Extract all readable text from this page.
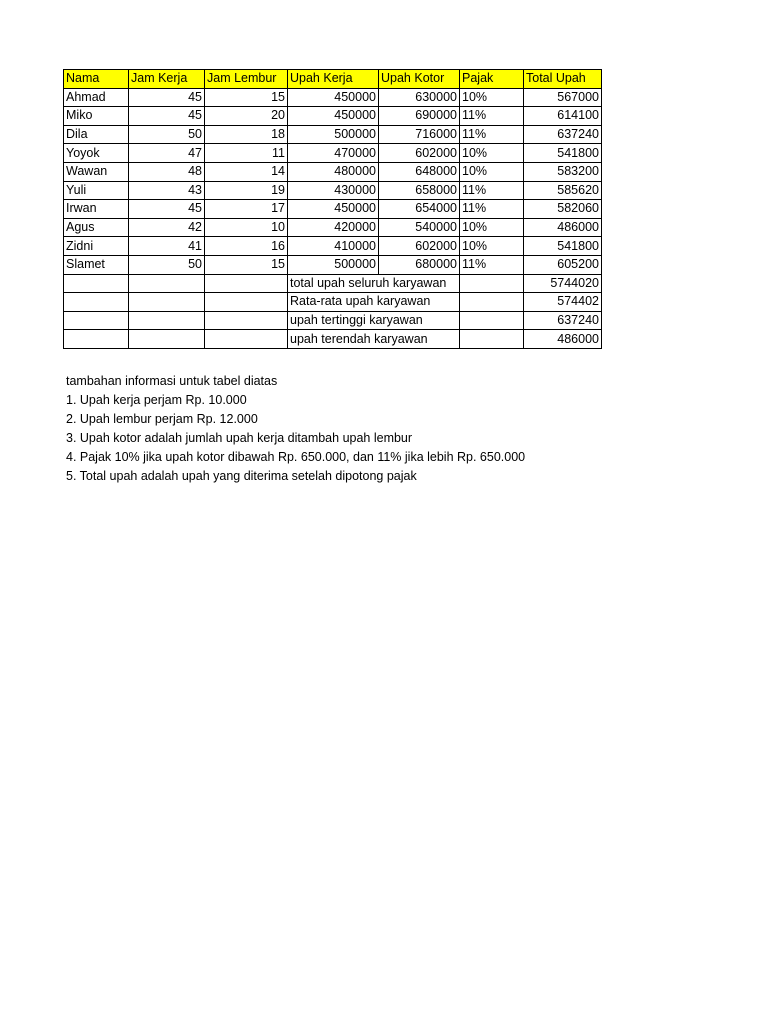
Nama	Jam Kerja	Jam Lembur	Upah Kerja	Upah Kotor	Pajak	Total Upah
Ahmad	45	15	450000	630000	10%	567000
Miko	45	20	450000	690000	11%	614100
Dila	50	18	500000	716000	11%	637240
Yoyok	47	11	470000	602000	10%	541800
Wawan	48	14	480000	648000	10%	583200
Yuli	43	19	430000	658000	11%	585620
Irwan	45	17	450000	654000	11%	582060
Agus	42	10	420000	540000	10%	486000
Zidni	41	16	410000	602000	10%	541800
Slamet	50	15	500000	680000	11%	605200
			total upah seluruh karyawan			5744020
			Rata-rata upah karyawan			574402
			upah tertinggi karyawan			637240
			upah terendah karyawan			486000
tambahan informasi untuk tabel diatas
1. Upah kerja perjam Rp. 10.000
2. Upah lembur perjam Rp. 12.000
3. Upah kotor adalah jumlah upah kerja ditambah upah lembur
4. Pajak 10% jika upah kotor dibawah Rp. 650.000, dan 11% jika lebih Rp. 650.000
5. Total upah adalah upah yang diterima setelah dipotong pajak
